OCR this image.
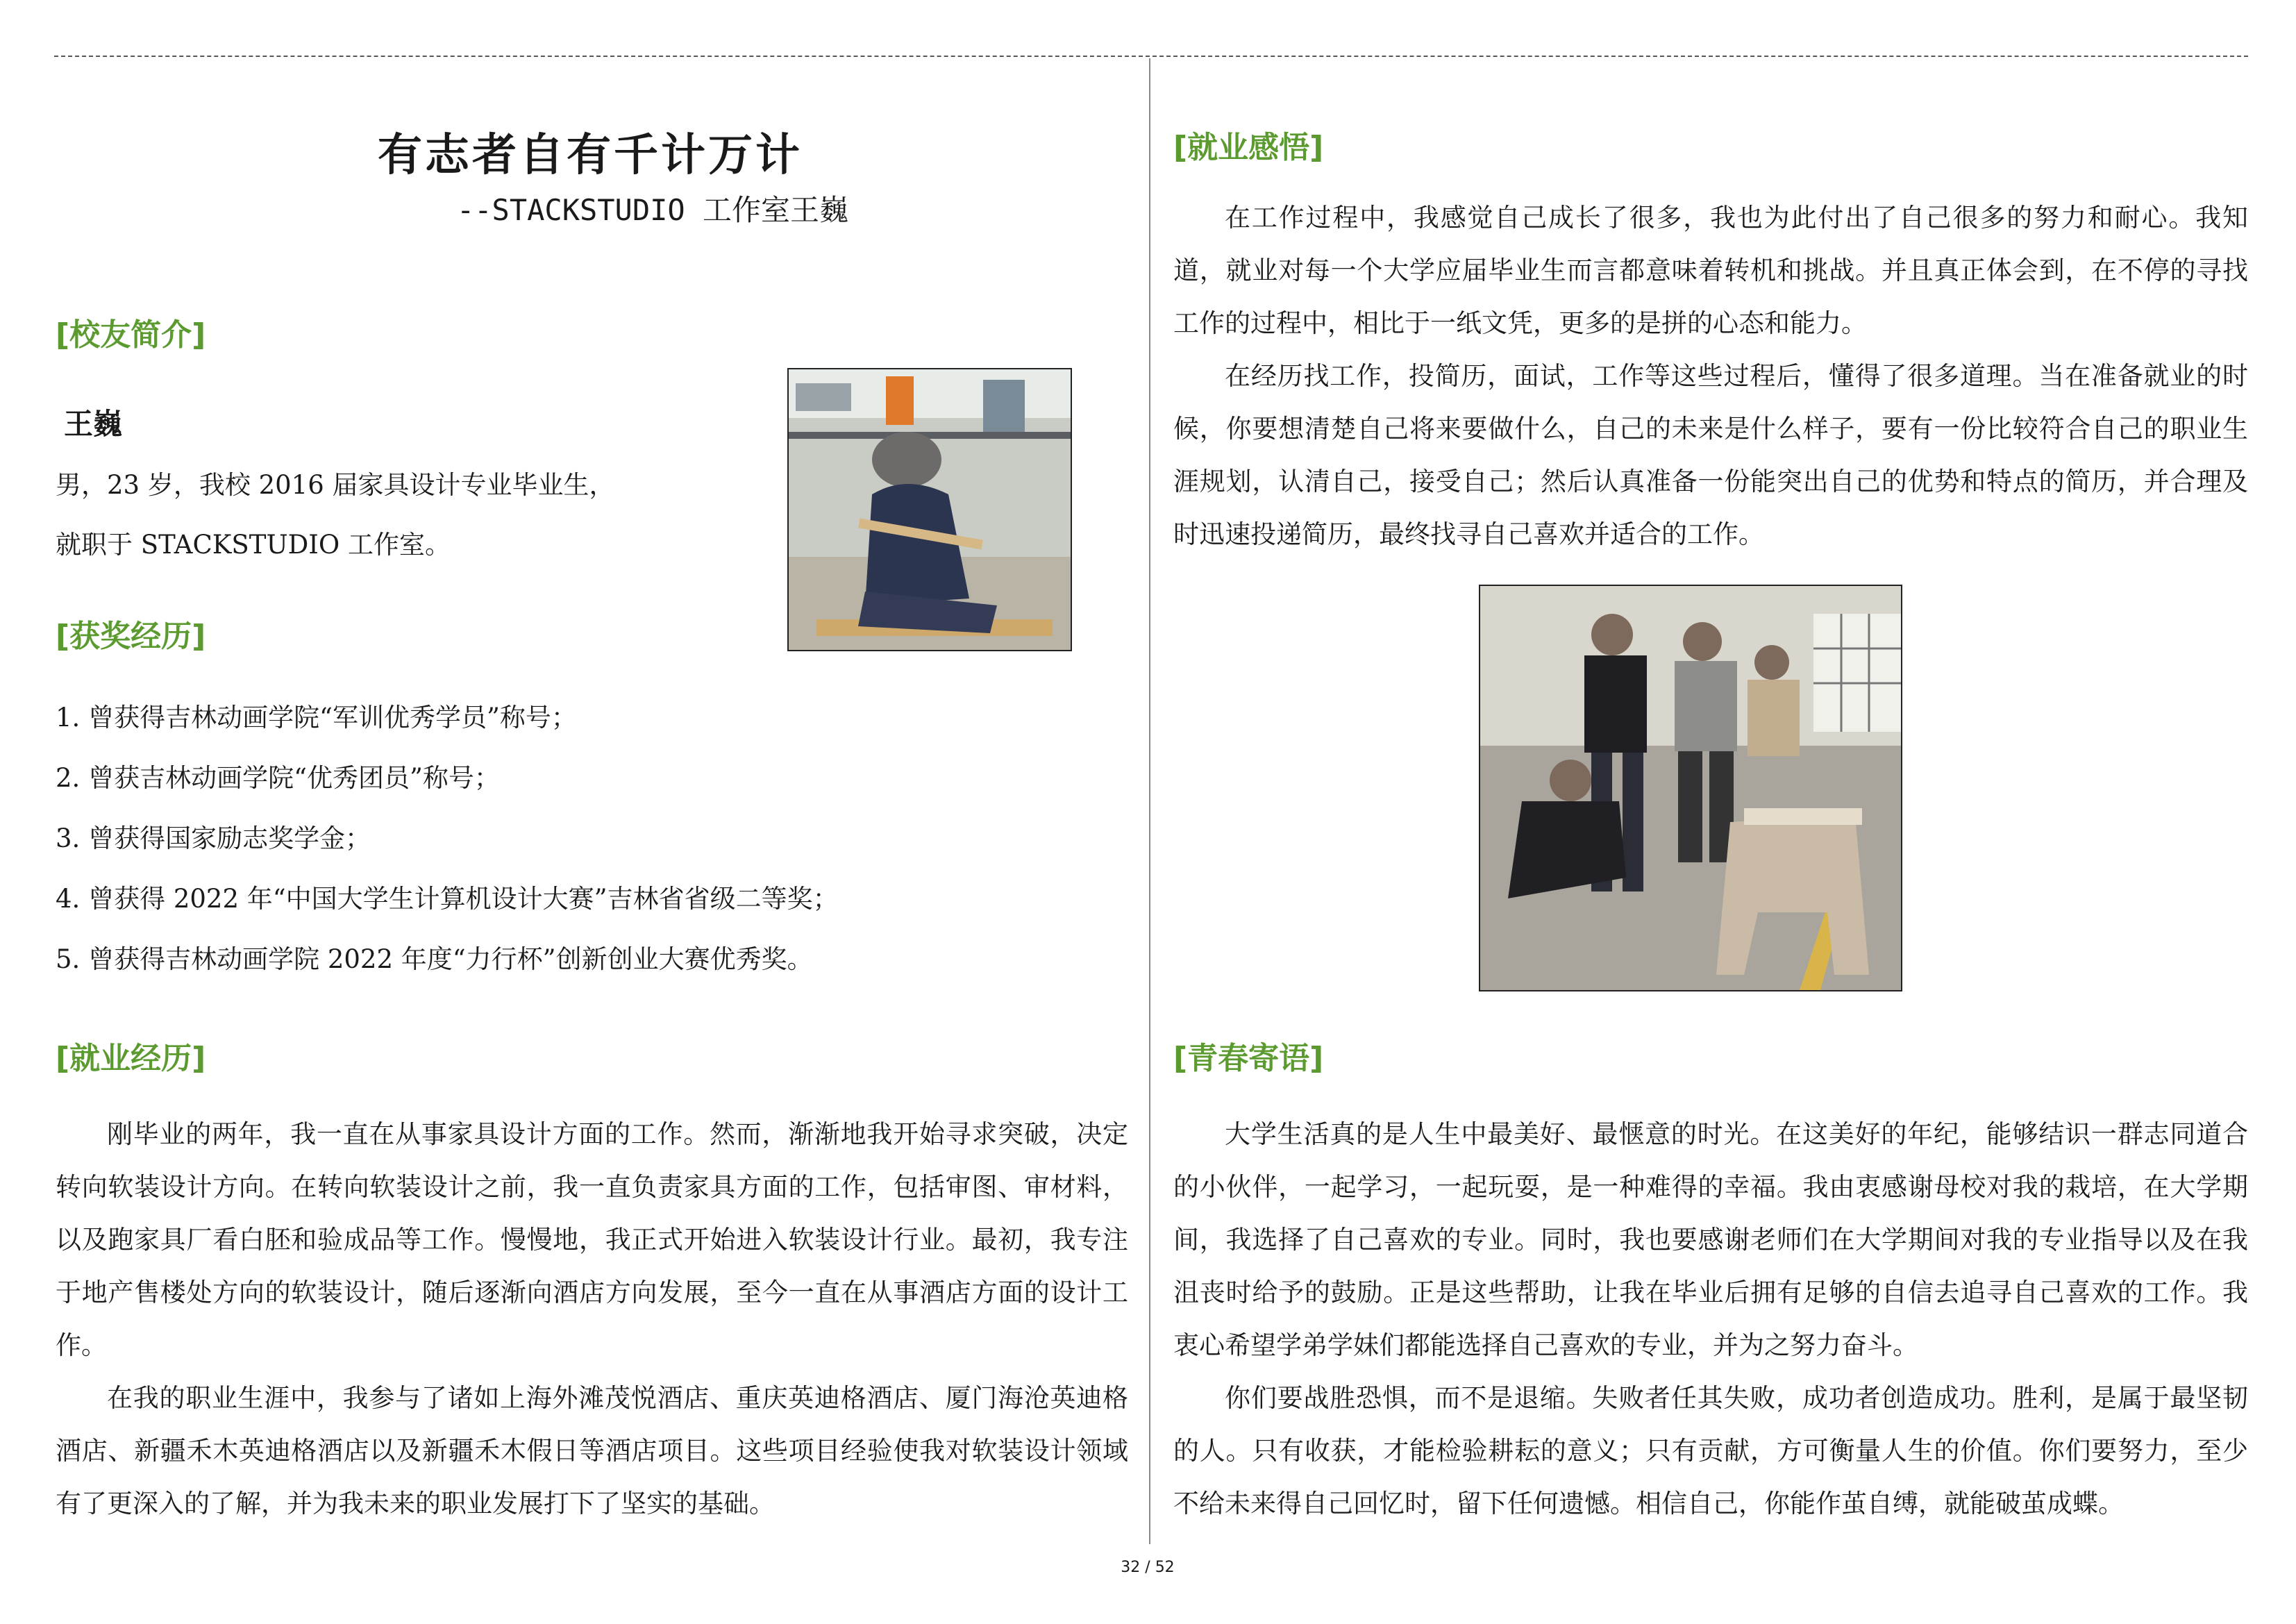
有志者自有千计万计
--STACKSTUDIO 工作室王巍
[校友简介]
王巍
男，23 岁，我校 2016 届家具设计专业毕业生，
就职于 STACKSTUDIO 工作室。
[获奖经历]
1. 曾获得吉林动画学院“军训优秀学员”称号；
2. 曾获吉林动画学院“优秀团员”称号；
3. 曾获得国家励志奖学金；
4. 曾获得 2022 年“中国大学生计算机设计大赛”吉林省省级二等奖；
5. 曾获得吉林动画学院 2022 年度“力行杯”创新创业大赛优秀奖。
[就业经历]

刚毕业的两年，我一直在从事家具设计方面的工作。然而，渐渐地我开始寻求突破，决定转向软装设计方向。在转向软装设计之前，我一直负责家具方面的工作，包括审图、审材料，以及跑家具厂看白胚和验成品等工作。慢慢地，我正式开始进入软装设计行业。最初，我专注于地产售楼处方向的软装设计，随后逐渐向酒店方向发展，至今一直在从事酒店方面的设计工作。

在我的职业生涯中，我参与了诸如上海外滩茂悦酒店、重庆英迪格酒店、厦门海沧英迪格酒店、新疆禾木英迪格酒店以及新疆禾木假日等酒店项目。这些项目经验使我对软装设计领域有了更深入的了解，并为我未来的职业发展打下了坚实的基础。

[就业感悟]

在工作过程中，我感觉自己成长了很多，我也为此付出了自己很多的努力和耐心。我知道，就业对每一个大学应届毕业生而言都意味着转机和挑战。并且真正体会到，在不停的寻找工作的过程中，相比于一纸文凭，更多的是拼的心态和能力。

在经历找工作，投简历，面试，工作等这些过程后，懂得了很多道理。当在准备就业的时候，你要想清楚自己将来要做什么，自己的未来是什么样子，要有一份比较符合自己的职业生涯规划，认清自己，接受自己；然后认真准备一份能突出自己的优势和特点的简历，并合理及时迅速投递简历，最终找寻自己喜欢并适合的工作。

[青春寄语]

大学生活真的是人生中最美好、最惬意的时光。在这美好的年纪，能够结识一群志同道合的小伙伴，一起学习，一起玩耍，是一种难得的幸福。我由衷感谢母校对我的栽培，在大学期间，我选择了自己喜欢的专业。同时，我也要感谢老师们在大学期间对我的专业指导以及在我沮丧时给予的鼓励。正是这些帮助，让我在毕业后拥有足够的自信去追寻自己喜欢的工作。我衷心希望学弟学妹们都能选择自己喜欢的专业，并为之努力奋斗。

你们要战胜恐惧，而不是退缩。失败者任其失败，成功者创造成功。胜利，是属于最坚韧的人。只有收获，才能检验耕耘的意义；只有贡献，方可衡量人生的价值。你们要努力，至少不给未来得自己回忆时，留下任何遗憾。相信自己，你能作茧自缚，就能破茧成蝶。

32 / 52
